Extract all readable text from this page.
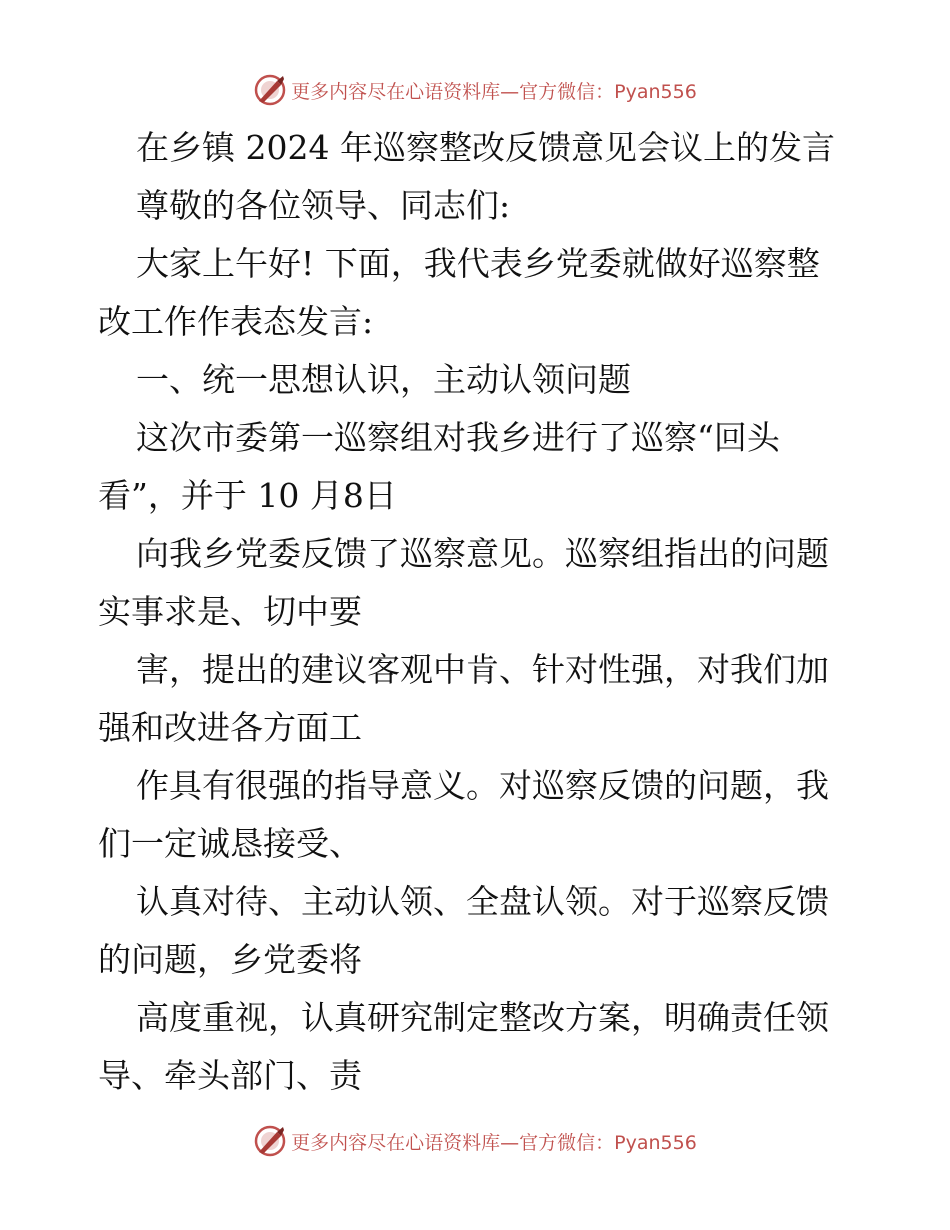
更多内容尽在心语资料库—官方微信：Pyan556
在乡镇 2024 年巡察整改反馈意见会议上的发言
尊敬的各位领导、同志们:
大家上午好! 下面，我代表乡党委就做好巡察整
改工作作表态发言:
一、统一思想认识，主动认领问题
这次市委第一巡察组对我乡进行了巡察“回头
看”，并于 10 月8日
向我乡党委反馈了巡察意见。巡察组指出的问题
实事求是、切中要
害，提出的建议客观中肯、针对性强，对我们加
强和改进各方面工
作具有很强的指导意义。对巡察反馈的问题，我
们一定诚恳接受、
认真对待、主动认领、全盘认领。对于巡察反馈
的问题，乡党委将
高度重视，认真研究制定整改方案，明确责任领
导、牵头部门、责
更多内容尽在心语资料库—官方微信：Pyan556
